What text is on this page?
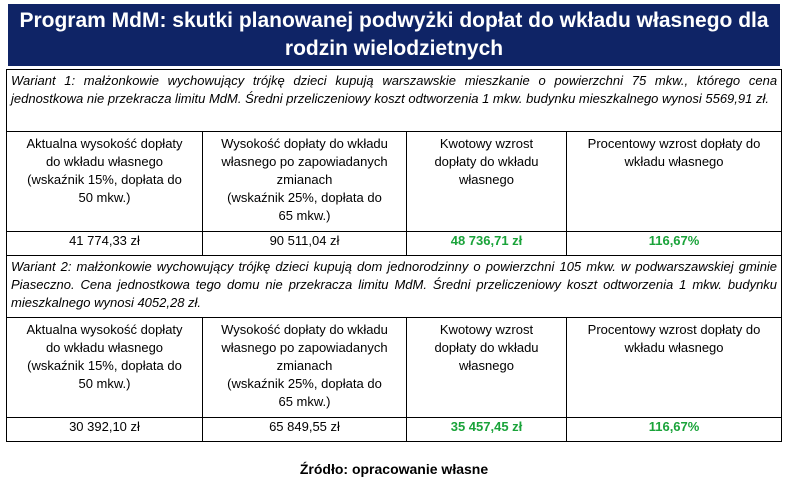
Program MdM: skutki planowanej podwyżki dopłat do wkładu własnego dla rodzin wielodzietnych
Wariant 1: małżonkowie wychowujący trójkę dzieci kupują warszawskie mieszkanie o powierzchni 75 mkw., którego cena jednostkowa nie przekracza limitu MdM. Średni przeliczeniowy koszt odtworzenia 1 mkw. budynku mieszkalnego wynosi 5569,91 zł.			
Aktualna wysokość dopłaty
do wkładu własnego
(wskaźnik 15%, dopłata do
50 mkw.)	Wysokość dopłaty do wkładu
własnego po zapowiadanych
zmianach
(wskaźnik 25%, dopłata do
65 mkw.)	Kwotowy wzrost
dopłaty do wkładu
własnego	Procentowy wzrost dopłaty do
wkładu własnego
41 774,33 zł	90 511,04 zł	48 736,71 zł	116,67%
Wariant 2: małżonkowie wychowujący trójkę dzieci kupują dom jednorodzinny o powierzchni 105 mkw. w podwarszawskiej gminie Piaseczno. Cena jednostkowa tego domu nie przekracza limitu MdM. Średni przeliczeniowy koszt odtworzenia 1 mkw. budynku mieszkalnego wynosi 4052,28 zł.			
Aktualna wysokość dopłaty
do wkładu własnego
(wskaźnik 15%, dopłata do
50 mkw.)	Wysokość dopłaty do wkładu
własnego po zapowiadanych
zmianach
(wskaźnik 25%, dopłata do
65 mkw.)	Kwotowy wzrost
dopłaty do wkładu
własnego	Procentowy wzrost dopłaty do
wkładu własnego
30 392,10 zł	65 849,55 zł	35 457,45 zł	116,67%
Źródło: opracowanie własne
